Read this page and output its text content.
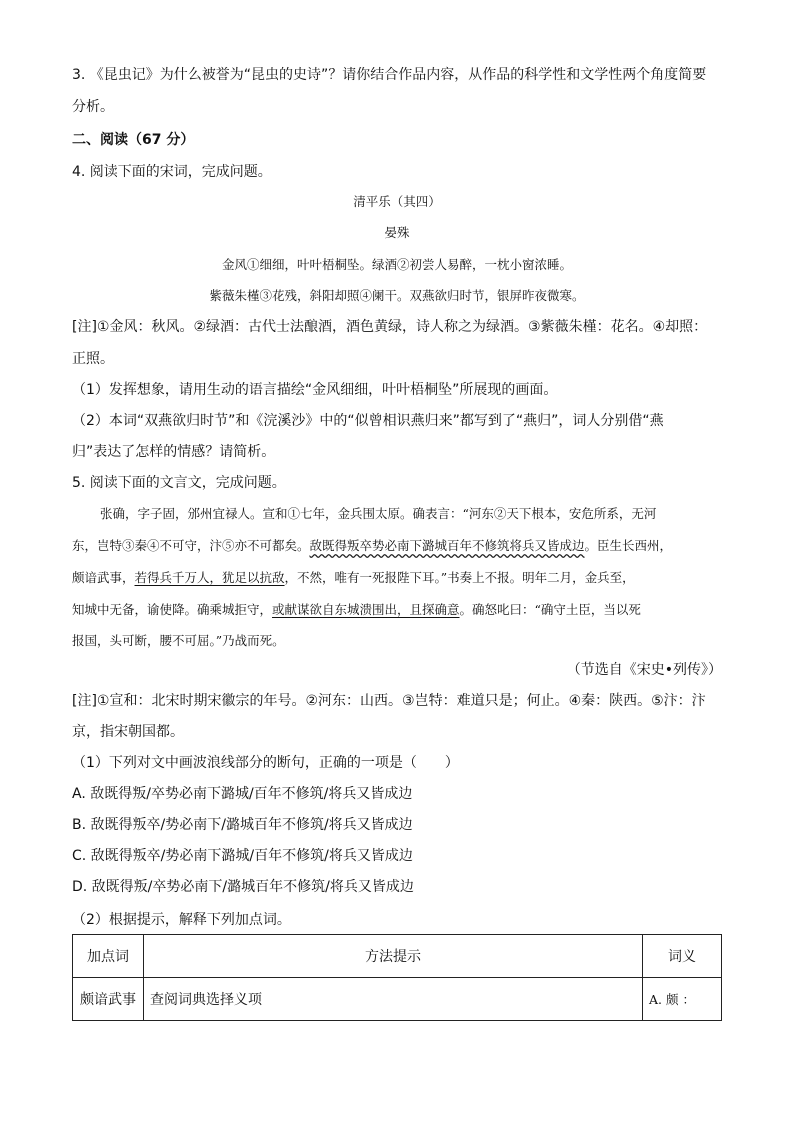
3. 《昆虫记》为什么被誉为“昆虫的史诗”？请你结合作品内容，从作品的科学性和文学性两个角度简要
分析。
二、阅读（67 分）
4. 阅读下面的宋词，完成问题。
清平乐（其四）
晏殊
金风①细细，叶叶梧桐坠。绿酒②初尝人易醉，一枕小窗浓睡。
紫薇朱槿③花残，斜阳却照④阑干。双燕欲归时节，银屏昨夜微寒。
[注]①金风：秋风。②绿酒：古代士法酿酒，酒色黄绿，诗人称之为绿酒。③紫薇朱槿：花名。④却照：
正照。
（1）发挥想象，请用生动的语言描绘“金风细细，叶叶梧桐坠”所展现的画面。
（2）本词“双燕欲归时节”和《浣溪沙》中的“似曾相识燕归来”都写到了“燕归”，词人分别借“燕
归”表达了怎样的情感？请简析。
5. 阅读下面的文言文，完成问题。
张确，字子固，邠州宜禄人。宣和①七年，金兵围太原。确表言：“河东②天下根本，安危所系，无河
东，岂特③秦④不可守，汴⑤亦不可都矣。敌既得叛卒势必南下潞城百年不修筑将兵又皆成边。臣生长西州，
颇谙武事，若得兵千万人，犹足以抗敌，不然，唯有一死报陛下耳。”书奏上不报。明年二月，金兵至，
知城中无备，谕使降。确乘城拒守，或献谋欲自东城溃围出，且探确意。确怒叱曰：“确守土臣，当以死
报国，头可断，腰不可屈。”乃战而死。
（节选自《宋史•列传》）
[注]①宣和：北宋时期宋徽宗的年号。②河东：山西。③岂特：难道只是；何止。④秦：陕西。⑤汴：汴
京，指宋朝国都。
（1）下列对文中画波浪线部分的断句，正确的一项是（　　）
A. 敌既得叛/卒势必南下潞城/百年不修筑/将兵又皆成边
B. 敌既得叛卒/势必南下/潞城百年不修筑/将兵又皆成边
C. 敌既得叛卒/势必南下潞城/百年不修筑/将兵又皆成边
D. 敌既得叛/卒势必南下/潞城百年不修筑/将兵又皆成边
加点词	方法提示	词义
颇谙武事	查阅词典选择义项	A. 颇 ：
（2）根据提示，解释下列加点词。
